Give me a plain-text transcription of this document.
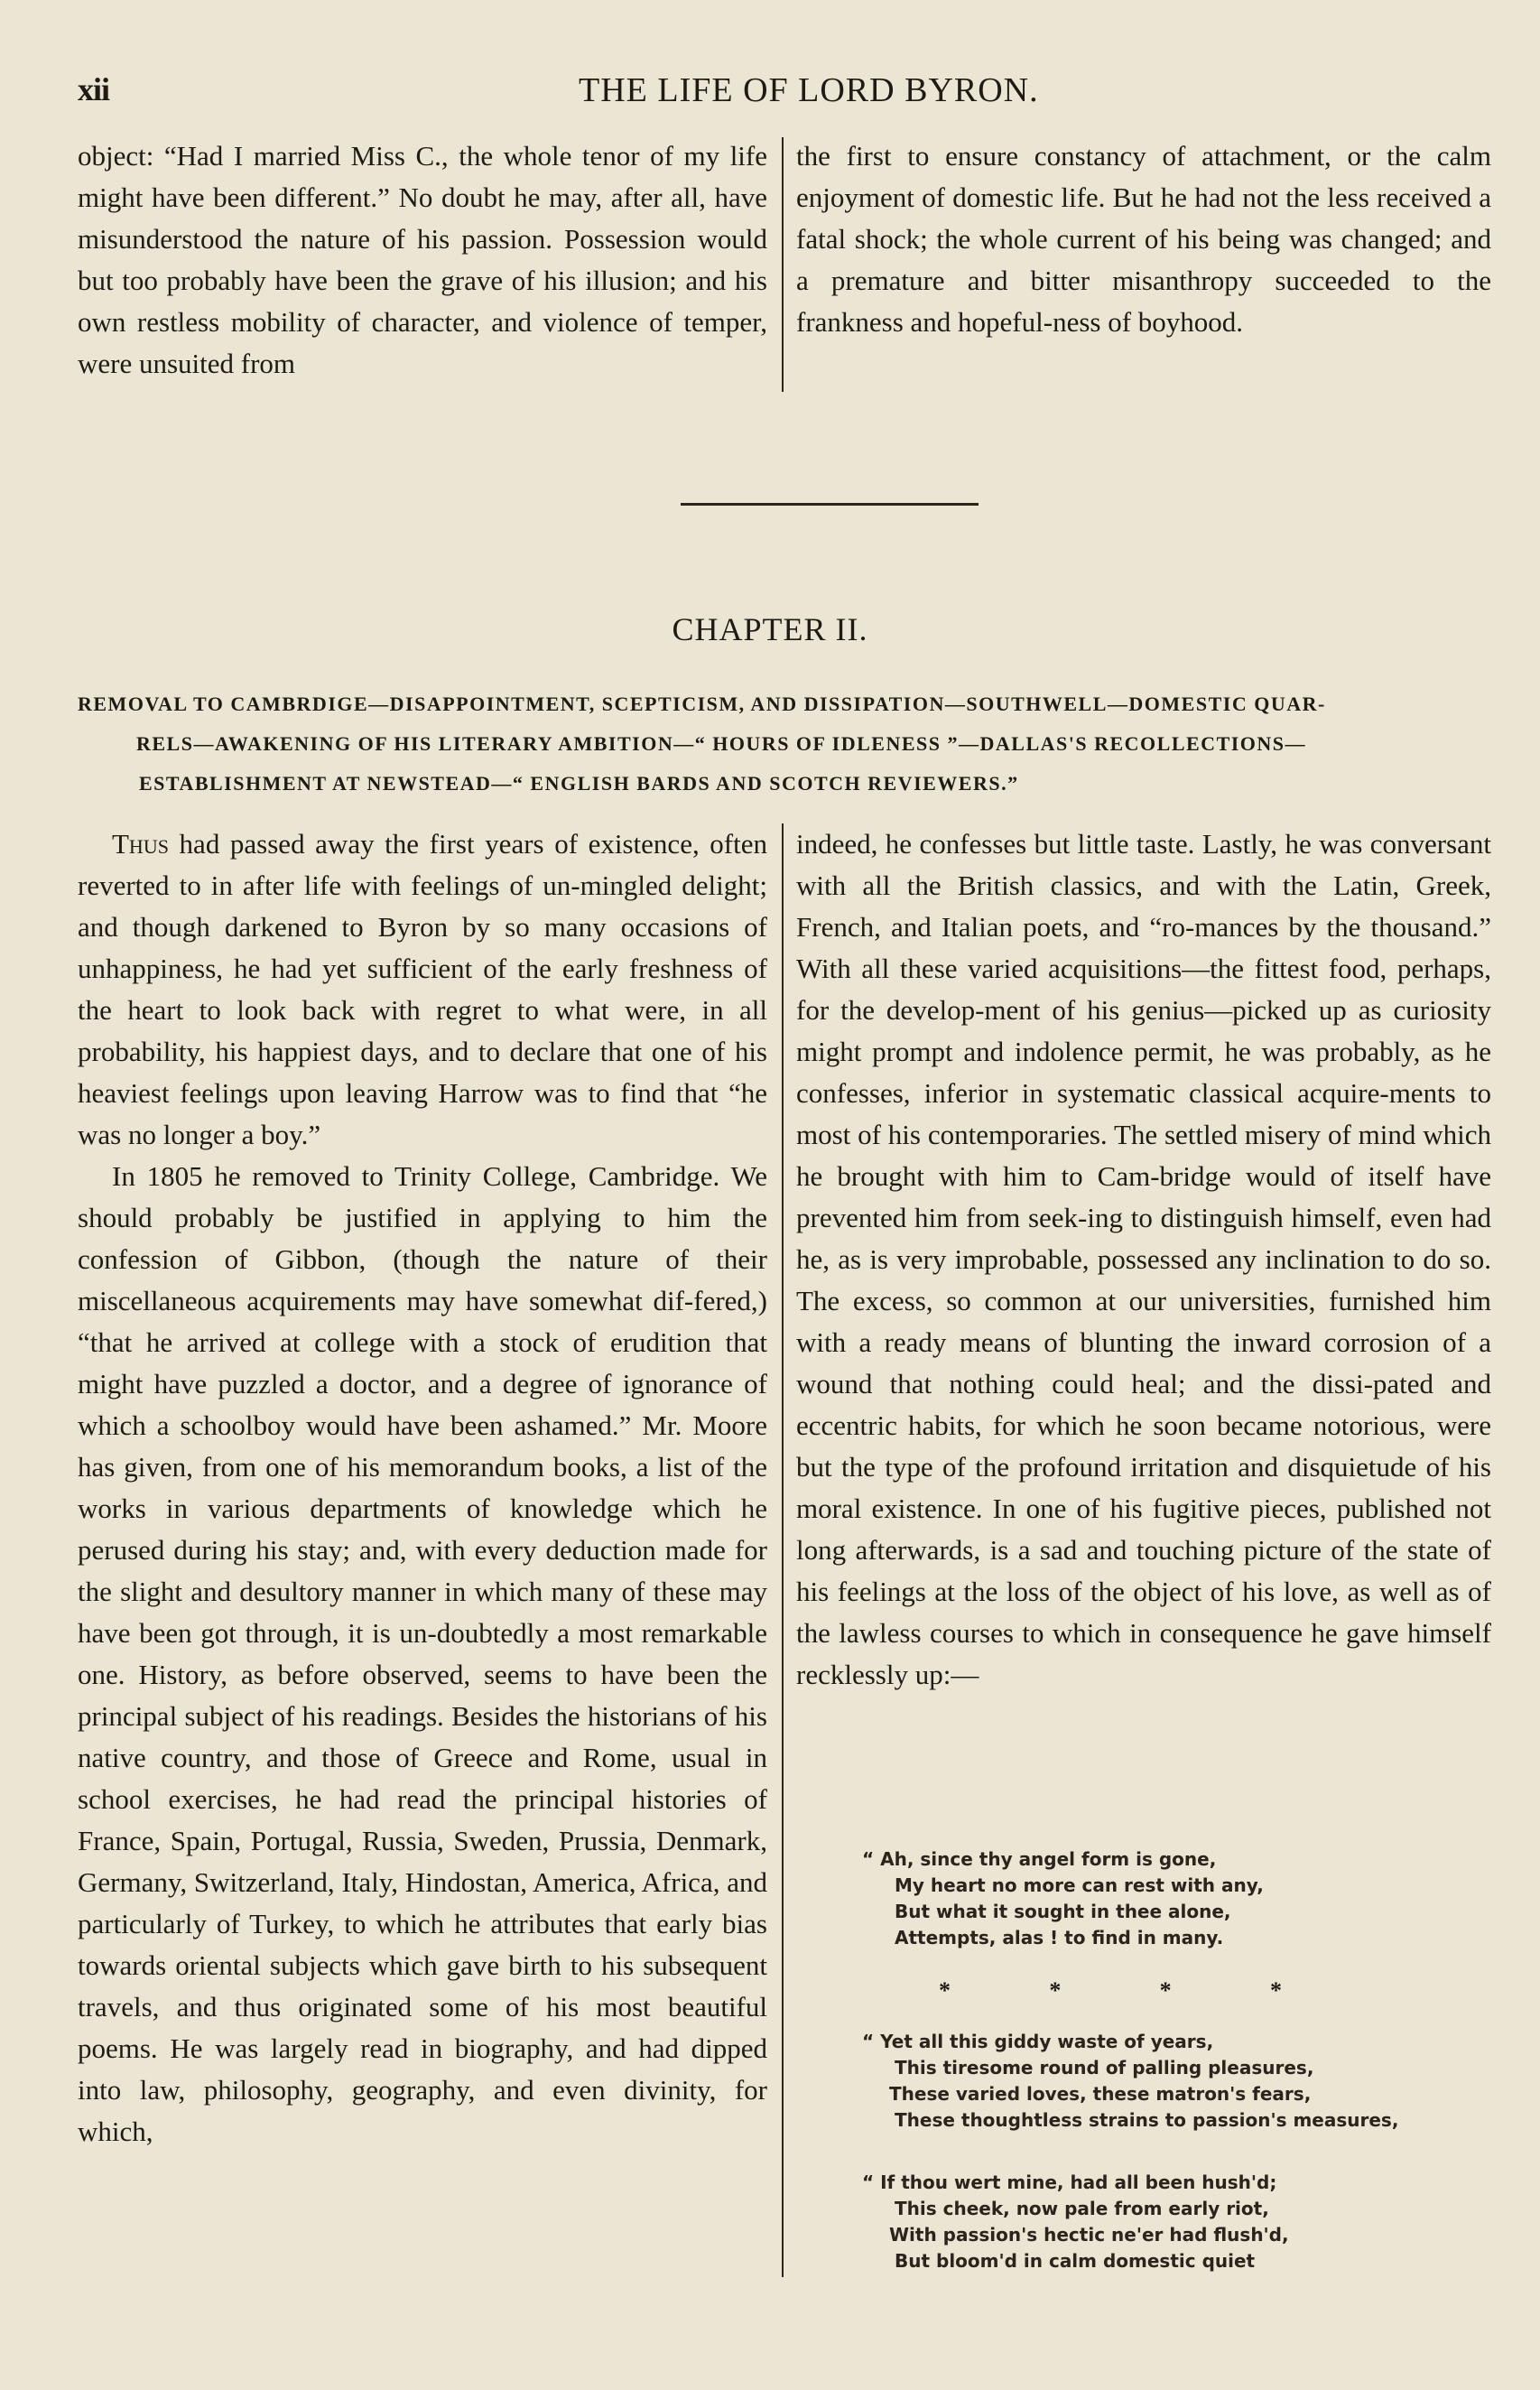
xii	THE LIFE OF LORD BYRON.

object: “Had I married Miss C., the whole tenor of my life might have been different.” No doubt he may, after all, have misunderstood the nature of his passion. Possession would but too probably have been the grave of his illusion; and his own restless mobility of character, and violence of temper, were unsuited from

the first to ensure constancy of attachment, or the calm enjoyment of domestic life. But he had not the less received a fatal shock; the whole current of his being was changed; and a premature and bitter misanthropy succeeded to the frankness and hopeful-ness of boyhood.

CHAPTER II.
REMOVAL TO CAMBRDIGE—DISAPPOINTMENT, SCEPTICISM, AND DISSIPATION—SOUTHWELL—DOMESTIC QUAR-
RELS—AWAKENING OF HIS LITERARY AMBITION—“ HOURS OF IDLENESS ”—DALLAS'S RECOLLECTIONS—
ESTABLISHMENT AT NEWSTEAD—“ ENGLISH BARDS AND SCOTCH REVIEWERS.”

Thus had passed away the first years of existence, often reverted to in after life with feelings of un-mingled delight; and though darkened to Byron by so many occasions of unhappiness, he had yet sufficient of the early freshness of the heart to look back with regret to what were, in all probability, his happiest days, and to declare that one of his heaviest feelings upon leaving Harrow was to find that “he was no longer a boy.”

In 1805 he removed to Trinity College, Cambridge. We should probably be justified in applying to him the confession of Gibbon, (though the nature of their miscellaneous acquirements may have somewhat dif-fered,) “that he arrived at college with a stock of erudition that might have puzzled a doctor, and a degree of ignorance of which a schoolboy would have been ashamed.” Mr. Moore has given, from one of his memorandum books, a list of the works in various departments of knowledge which he perused during his stay; and, with every deduction made for the slight and desultory manner in which many of these may have been got through, it is un-doubtedly a most remarkable one. History, as before observed, seems to have been the principal subject of his readings. Besides the historians of his native country, and those of Greece and Rome, usual in school exercises, he had read the principal histories of France, Spain, Portugal, Russia, Sweden, Prussia, Denmark, Germany, Switzerland, Italy, Hindostan, America, Africa, and particularly of Turkey, to which he attributes that early bias towards oriental subjects which gave birth to his subsequent travels, and thus originated some of his most beautiful poems. He was largely read in biography, and had dipped into law, philosophy, geography, and even divinity, for which,

indeed, he confesses but little taste. Lastly, he was conversant with all the British classics, and with the Latin, Greek, French, and Italian poets, and “ro-mances by the thousand.” With all these varied acquisitions—the fittest food, perhaps, for the develop-ment of his genius—picked up as curiosity might prompt and indolence permit, he was probably, as he confesses, inferior in systematic classical acquire-ments to most of his contemporaries. The settled misery of mind which he brought with him to Cam-bridge would of itself have prevented him from seek-ing to distinguish himself, even had he, as is very improbable, possessed any inclination to do so. The excess, so common at our universities, furnished him with a ready means of blunting the inward corrosion of a wound that nothing could heal; and the dissi-pated and eccentric habits, for which he soon became notorious, were but the type of the profound irritation and disquietude of his moral existence. In one of his fugitive pieces, published not long afterwards, is a sad and touching picture of the state of his feelings at the loss of the object of his love, as well as of the lawless courses to which in consequence he gave himself recklessly up:—

“ Ah, since thy angel form is gone,
My heart no more can rest with any,
But what it sought in thee alone,
Attempts, alas ! to find in many.
*	*	*	*
“ Yet all this giddy waste of years,
This tiresome round of palling pleasures,
These varied loves, these matron's fears,
These thoughtless strains to passion's measures,
“ If thou wert mine, had all been hush'd;
This cheek, now pale from early riot,
With passion's hectic ne'er had flush'd,
But bloom'd in calm domestic quiet
